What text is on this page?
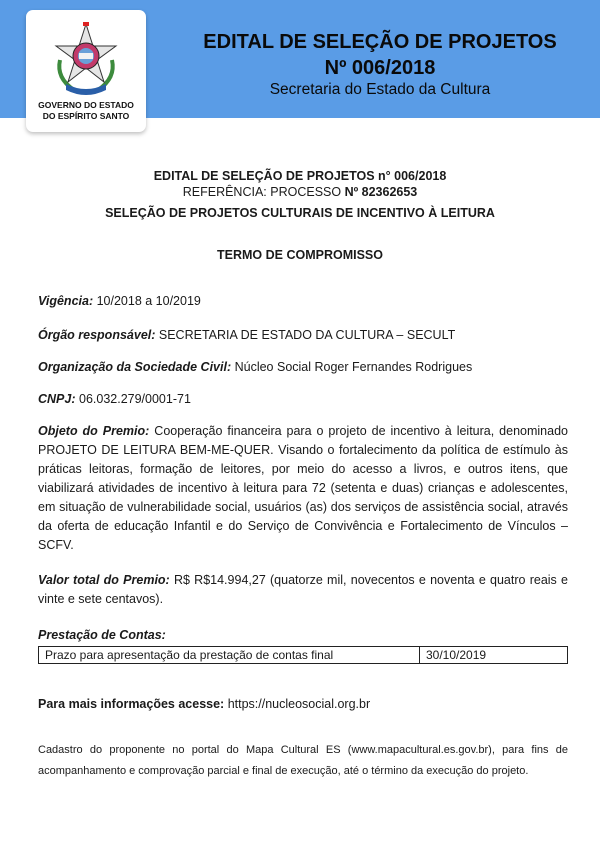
EDITAL DE SELEÇÃO DE PROJETOS
Nº 006/2018
Secretaria do Estado da Cultura
GOVERNO DO ESTADO
DO ESPÍRITO SANTO
EDITAL DE SELEÇÃO DE PROJETOS n° 006/2018
REFERÊNCIA: PROCESSO Nº 82362653
SELEÇÃO DE PROJETOS CULTURAIS DE INCENTIVO À LEITURA
TERMO DE COMPROMISSO
Vigência: 10/2018 a 10/2019
Órgão responsável: SECRETARIA DE ESTADO DA CULTURA – SECULT
Organização da Sociedade Civil: Núcleo Social Roger Fernandes Rodrigues
CNPJ: 06.032.279/0001-71
Objeto do Premio: Cooperação financeira para o projeto de incentivo à leitura, denominado PROJETO DE LEITURA BEM-ME-QUER. Visando o fortalecimento da política de estímulo às práticas leitoras, formação de leitores, por meio do acesso a livros, e outros itens, que viabilizará atividades de incentivo à leitura para 72 (setenta e duas) crianças e adolescentes, em situação de vulnerabilidade social, usuários (as) dos serviços de assistência social, através da oferta de educação Infantil e do Serviço de Convivência e Fortalecimento de Vínculos – SCFV.
Valor total do Premio: R$ R$14.994,27 (quatorze mil, novecentos e noventa e quatro reais e vinte e sete centavos).
Prestação de Contas:
Prazo para apresentação da prestação de contas final	30/10/2019
Para mais informações acesse: https://nucleosocial.org.br
Cadastro do proponente no portal do Mapa Cultural ES (www.mapacultural.es.gov.br), para fins de acompanhamento e comprovação parcial e final de execução, até o término da execução do projeto.
